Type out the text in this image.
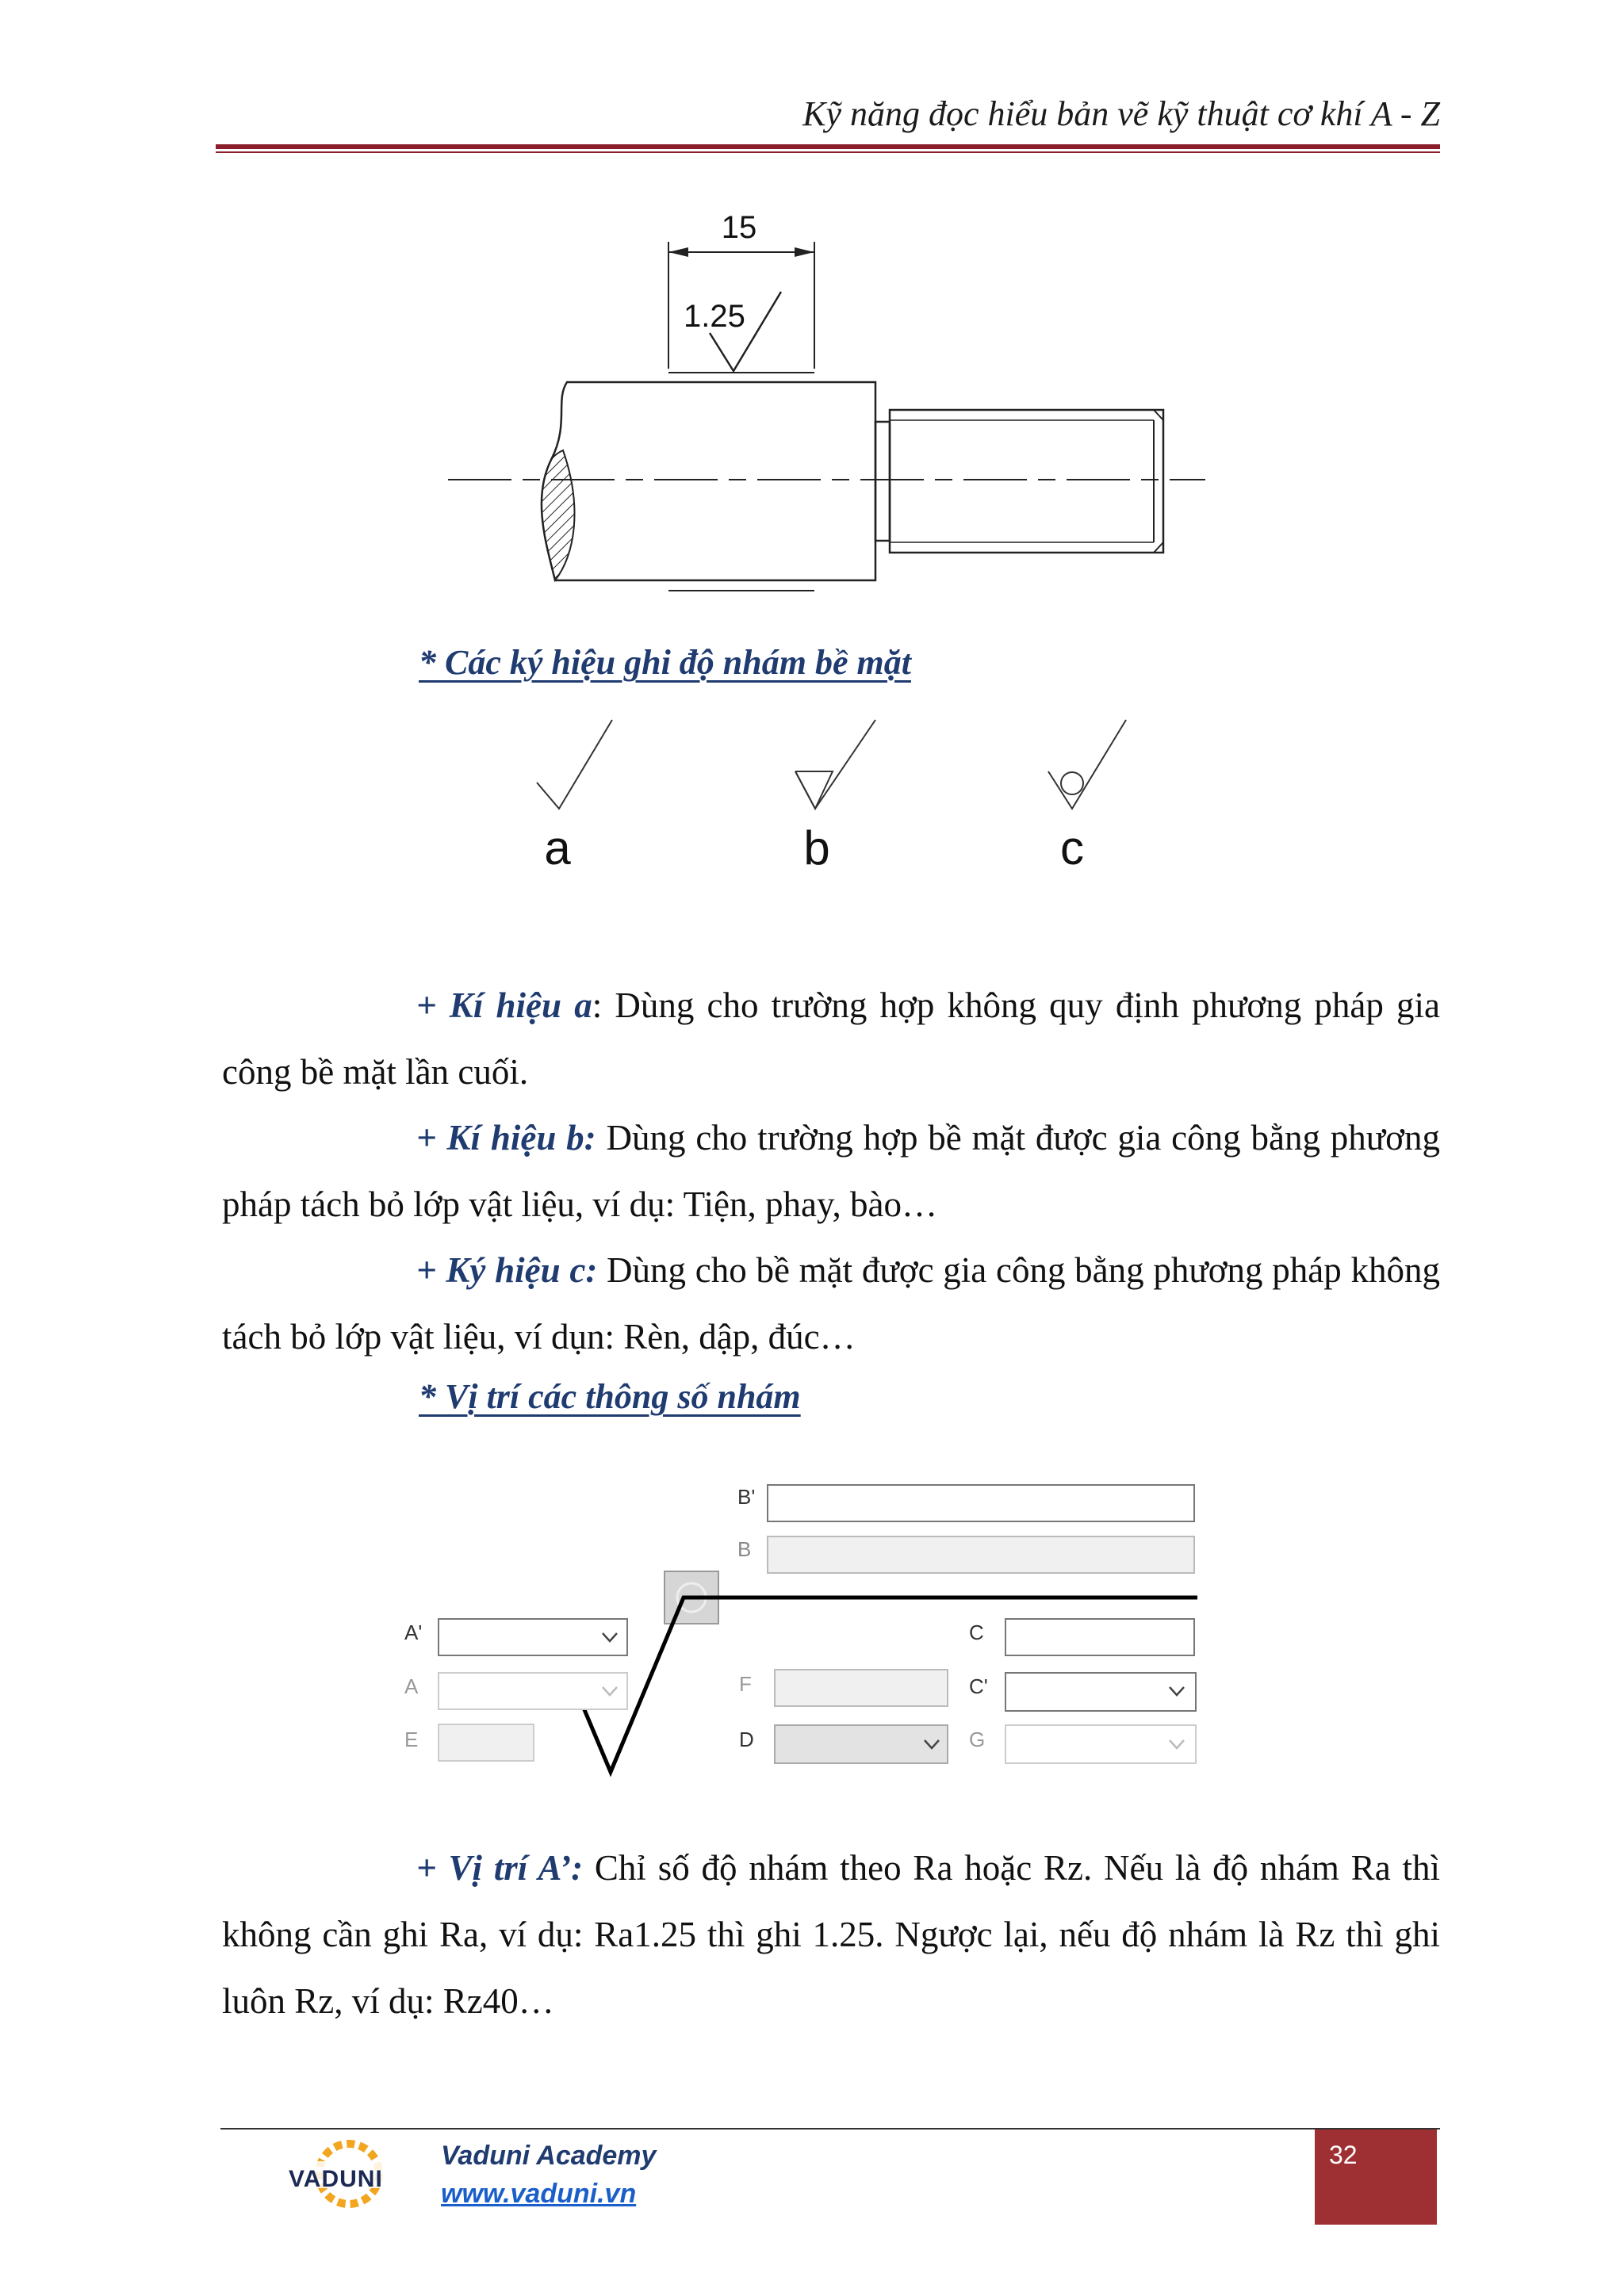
Kỹ năng đọc hiểu bản vẽ kỹ thuật cơ khí A - Z
15
1.25
* Các ký hiệu ghi độ nhám bề mặt
a	b	c
+ Kí hiệu a: Dùng cho trường hợp không quy định phương pháp gia công bề mặt lần cuối.
+ Kí hiệu b: Dùng cho trường hợp bề mặt được gia công bằng phương pháp tách bỏ lớp vật liệu, ví dụ: Tiện, phay, bào…
+ Ký hiệu c: Dùng cho bề mặt được gia công bằng phương pháp không tách bỏ lớp vật liệu, ví dụn: Rèn, dập, đúc…
* Vị trí các thông số nhám
B'
B
A'
A
E
F
D
C
C'
G
+ Vị trí A’: Chỉ số độ nhám theo Ra hoặc Rz. Nếu là độ nhám Ra thì không cần ghi Ra, ví dụ: Ra1.25 thì ghi 1.25. Ngược lại, nếu độ nhám là Rz thì ghi luôn Rz, ví dụ: Rz40…
VADUNI
Vaduni Academy
www.vaduni.vn
32
